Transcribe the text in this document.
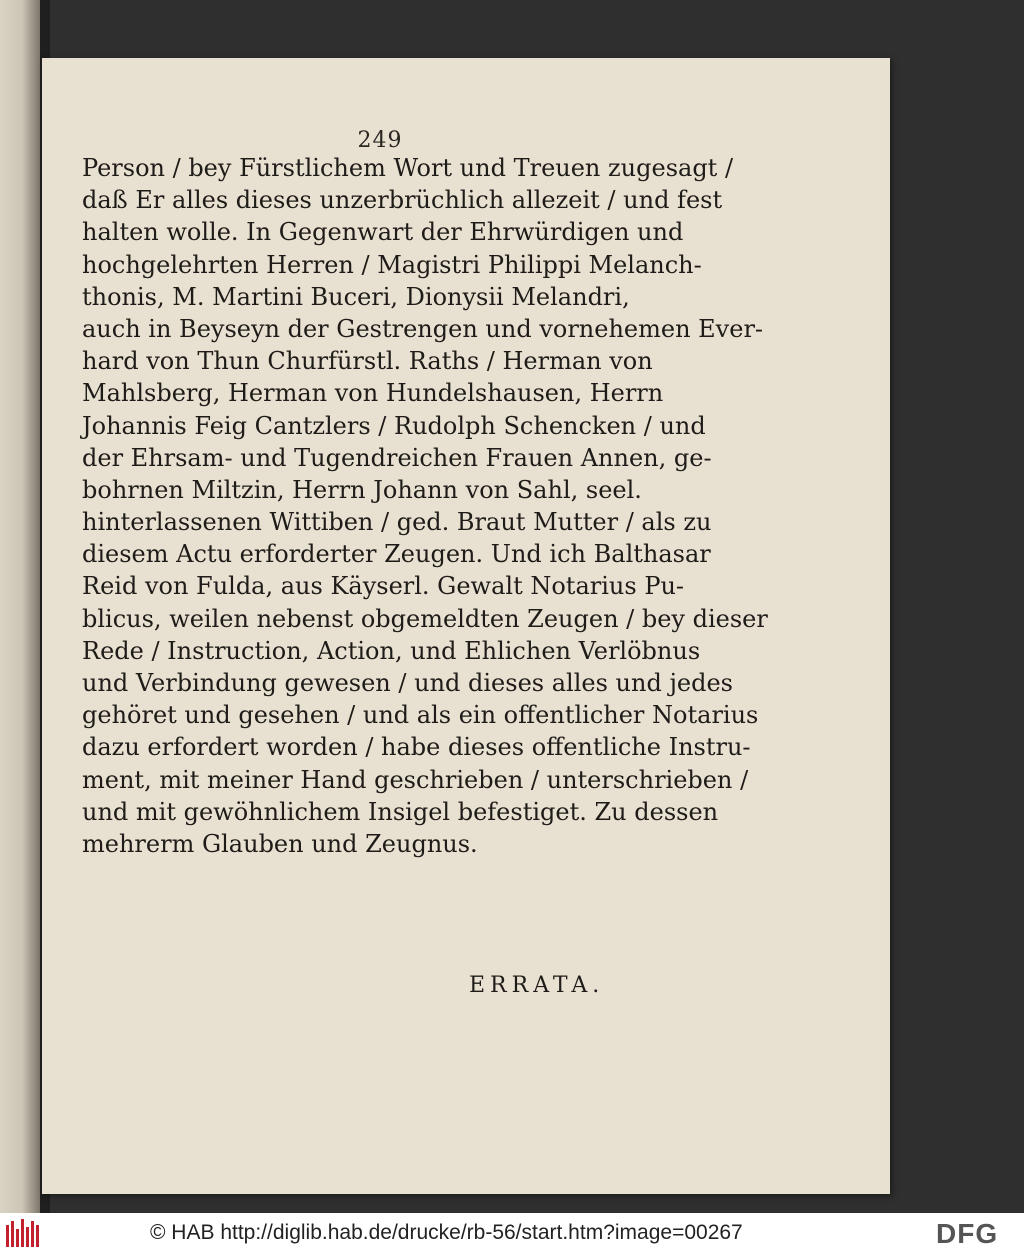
249
Person / bey Fürstlichem Wort und Treuen zugesagt /
daß Er alles dieses unzerbrüchlich allezeit / und fest
halten wolle. In Gegenwart der Ehrwürdigen und
hochgelehrten Herren / Magistri Philippi Melanch-
thonis, M. Martini Buceri, Dionysii Melandri,
auch in Beyseyn der Gestrengen und vornehemen Ever-
hard von Thun Churfürstl. Raths / Herman von
Mahlsberg, Herman von Hundelshausen, Herrn
Johannis Feig Cantzlers / Rudolph Schencken / und
der Ehrsam- und Tugendreichen Frauen Annen, ge-
bohrnen Miltzin, Herrn Johann von Sahl, seel.
hinterlassenen Wittiben / ged. Braut Mutter / als zu
diesem Actu erforderter Zeugen. Und ich Balthasar
Reid von Fulda, aus Käyserl. Gewalt Notarius Pu-
blicus, weilen nebenst obgemeldten Zeugen / bey dieser
Rede / Instruction, Action, und Ehlichen Verlöbnus
und Verbindung gewesen / und dieses alles und jedes
gehöret und gesehen / und als ein offentlicher Notarius
dazu erfordert worden / habe dieses offentliche Instru-
ment, mit meiner Hand geschrieben / unterschrieben /
und mit gewöhnlichem Insigel befestiget. Zu dessen
mehrerm Glauben und Zeugnus.
ERRATA.
© HAB http://diglib.hab.de/drucke/rb-56/start.htm?image=00267	DFG
